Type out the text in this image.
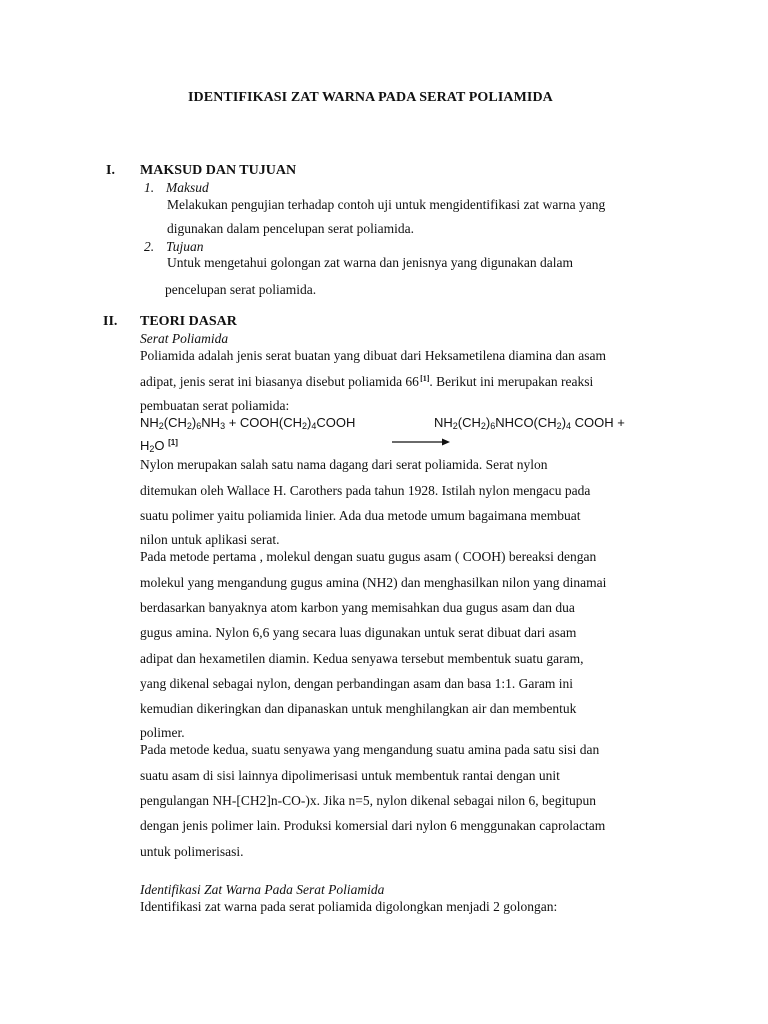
IDENTIFIKASI ZAT WARNA PADA SERAT POLIAMIDA
I. MAKSUD DAN TUJUAN
1. Maksud
Melakukan pengujian terhadap contoh uji untuk mengidentifikasi zat warna yang
digunakan dalam pencelupan serat poliamida.
2. Tujuan
Untuk mengetahui golongan zat warna dan jenisnya yang digunakan dalam
pencelupan serat poliamida.
II. TEORI DASAR
Serat Poliamida
Poliamida adalah jenis serat buatan yang dibuat dari Heksametilena diamina dan asam
adipat, jenis serat ini biasanya disebut poliamida 66 [1]. Berikut ini merupakan reaksi
pembuatan serat poliamida:
$NH_2(CH_2)_6NH_3$ + $COOH(CH_2)_4COOH$	$NH_2(CH_2)_6NHCO(CH_2)_4$ COOH +
$H_2O$ [1]
Nylon merupakan salah satu nama dagang dari serat poliamida. Serat nylon
ditemukan oleh Wallace H. Carothers pada tahun 1928. Istilah nylon mengacu pada
suatu polimer yaitu poliamida linier. Ada dua metode umum bagaimana membuat
nilon untuk aplikasi serat.
Pada metode pertama , molekul dengan suatu gugus asam ( COOH) bereaksi dengan
molekul yang mengandung gugus amina (NH2) dan menghasilkan nilon yang dinamai
berdasarkan banyaknya atom karbon yang memisahkan dua gugus asam dan dua
gugus amina. Nylon 6,6 yang secara luas digunakan untuk serat dibuat dari asam
adipat dan hexametilen diamin. Kedua senyawa tersebut membentuk suatu garam,
yang dikenal sebagai nylon, dengan perbandingan asam dan basa 1:1. Garam ini
kemudian dikeringkan dan dipanaskan untuk menghilangkan air dan membentuk
polimer.
Pada metode kedua, suatu senyawa yang mengandung suatu amina pada satu sisi dan
suatu asam di sisi lainnya dipolimerisasi untuk membentuk rantai dengan unit
pengulangan NH-[CH2]n-CO-)x. Jika n=5, nylon dikenal sebagai nilon 6, begitupun
dengan jenis polimer lain. Produksi komersial dari nylon 6 menggunakan caprolactam
untuk polimerisasi.
Identifikasi Zat Warna Pada Serat Poliamida
Identifikasi zat warna pada serat poliamida digolongkan menjadi 2 golongan:
